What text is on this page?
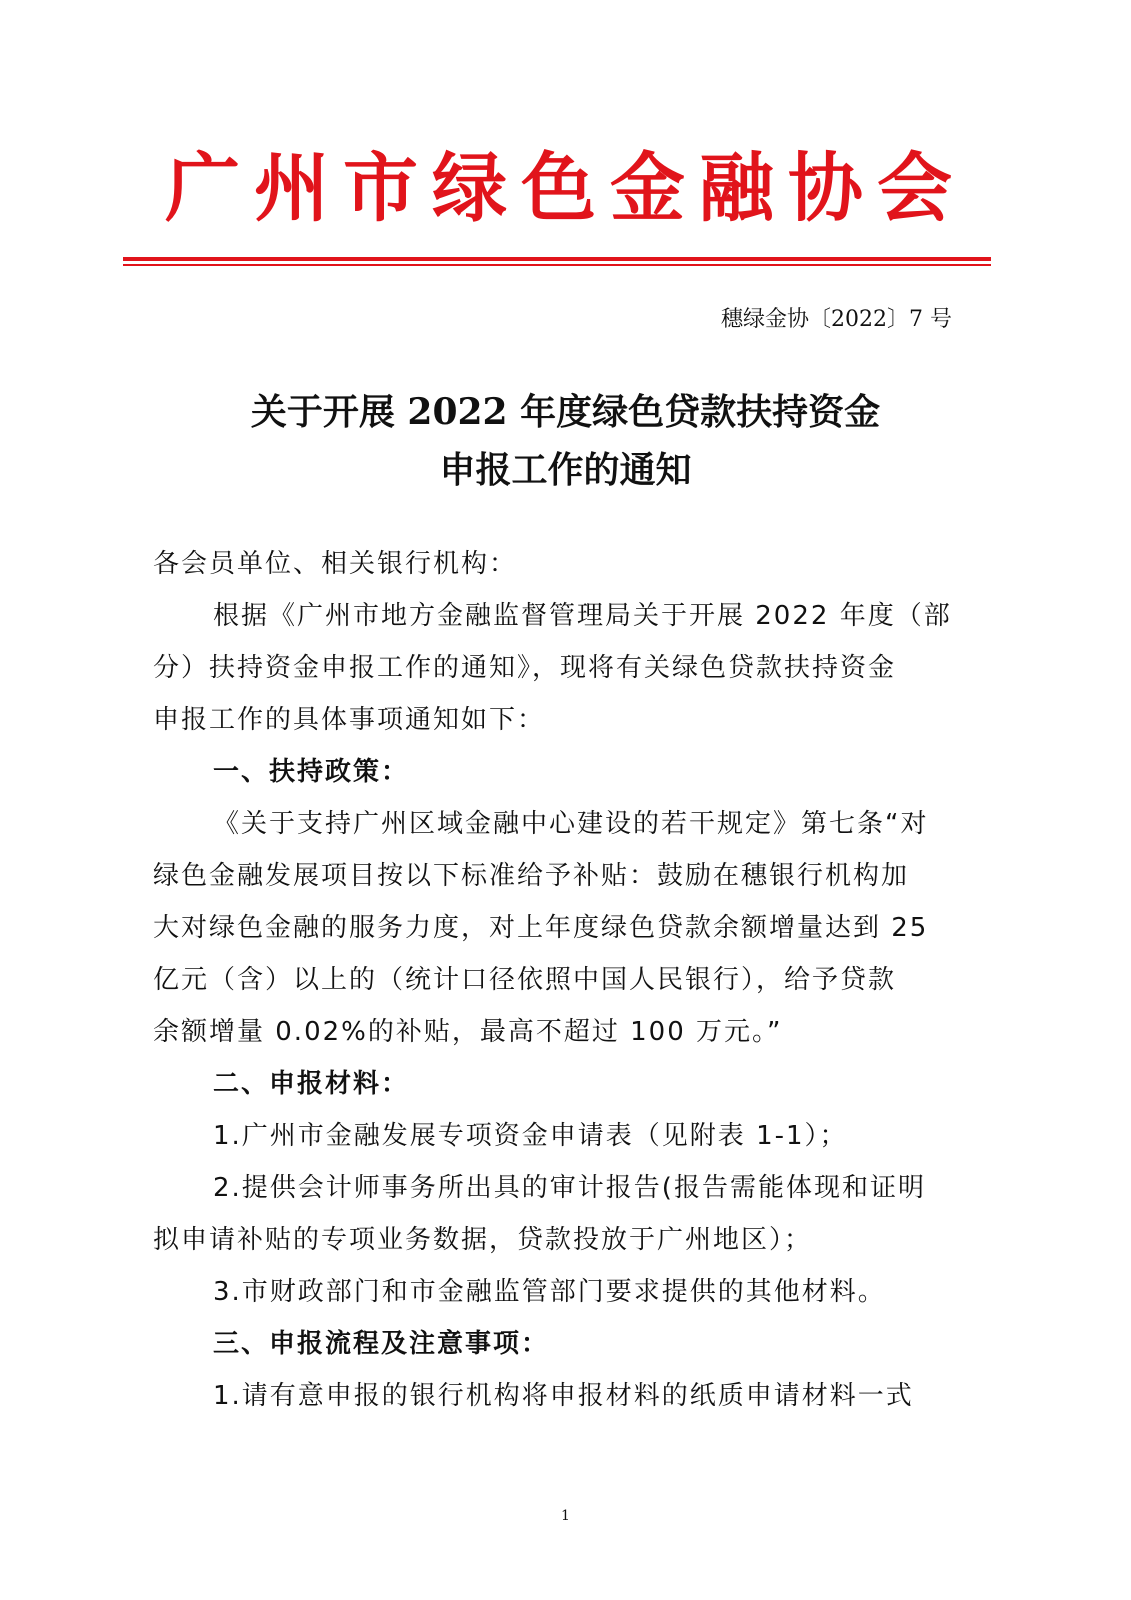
广州市绿色金融协会
穗绿金协〔2022〕7 号
关于开展 2022 年度绿色贷款扶持资金
申报工作的通知
各会员单位、相关银行机构：
根据《广州市地方金融监督管理局关于开展 2022 年度（部
分）扶持资金申报工作的通知》，现将有关绿色贷款扶持资金
申报工作的具体事项通知如下：
一、扶持政策：
《关于支持广州区域金融中心建设的若干规定》第七条“对
绿色金融发展项目按以下标准给予补贴：鼓励在穗银行机构加
大对绿色金融的服务力度，对上年度绿色贷款余额增量达到 25
亿元（含）以上的（统计口径依照中国人民银行），给予贷款
余额增量 0.02%的补贴，最高不超过 100 万元。”
二、申报材料：
1.广州市金融发展专项资金申请表（见附表 1-1）；
2.提供会计师事务所出具的审计报告(报告需能体现和证明
拟申请补贴的专项业务数据，贷款投放于广州地区）；
3.市财政部门和市金融监管部门要求提供的其他材料。
三、申报流程及注意事项：
1.请有意申报的银行机构将申报材料的纸质申请材料一式
1
